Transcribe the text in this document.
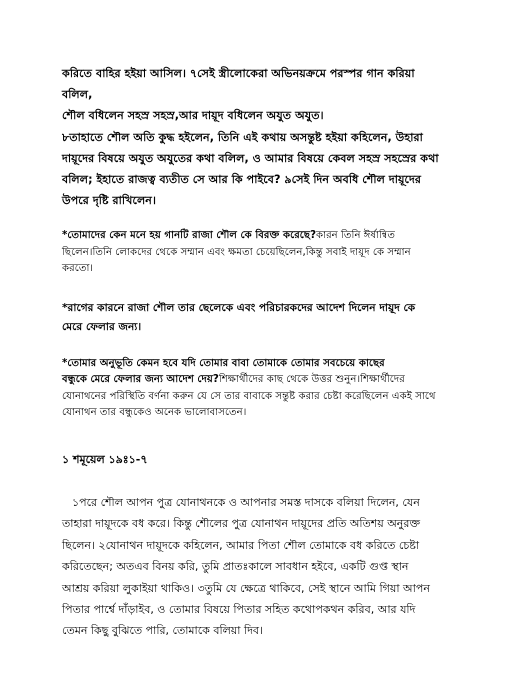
করিতে বাহির হইয়া আসিল। ৭সেই স্ত্রীলোকেরা অভিনয়ক্রমে পরস্পর গান করিয়া
বলিল,
শৌল বধিলেন সহস্র সহস্র,আর দায়ূদ বধিলেন অযুত অযুত।
৮তাহাতে শৌল অতি কুদ্ধ হইলেন, তিনি এই কথায় অসন্তুষ্ট হইয়া কহিলেন, উহারা
দায়ূদের বিষয়ে অযুত অযুতের কথা বলিল, ও আমার বিষয়ে কেবল সহস্র সহস্রের কথা
বলিল; ইহাতে রাজত্ব ব্যতীত সে আর কি পাইবে? ৯সেই দিন অবধি শৌল দায়ূদের
উপরে দৃষ্টি রাখিলেন।
*তোমাদের কেন মনে হয় গানটি রাজা শৌল কে বিরক্ত করেছে?কারন তিনি ঈর্ষান্বিত
ছিলেন।তিনি লোকদের থেকে সম্মান এবং ক্ষমতা চেয়েছিলেন,কিন্তু সবাই দায়ূদ কে সম্মান
করতো।
*রাগের কারনে রাজা শৌল তার ছেলেকে এবং পরিচারকদের আদেশ দিলেন দায়ূদ কে
মেরে ফেলার জন্য।
*তোমার অনুভূতি কেমন হবে যদি তোমার বাবা তোমাকে তোমার সবচেয়ে কাছের
বন্ধুকে মেরে ফেলার জন্য আদেশ দেয়?শিক্ষার্থীদের কাছ থেকে উত্তর শুনুন।শিক্ষার্থীদের
যোনাথনের পরিস্থিতি বর্ণনা করুন যে সে তার বাবাকে সন্তুষ্ট করার চেষ্টা করেছিলেন একই সাথে
যোনাথন তার বন্ধুকেও অনেক ভালোবাসতেন।

১ শমূয়েল ১৯ঃ১-৭

১পরে শৌল আপন পুত্র যোনাথনকে ও আপনার সমস্ত দাসকে বলিয়া দিলেন, যেন
তাহারা দায়ূদকে বধ করে। কিন্তু শৌলের পুত্র যোনাথন দায়ূদের প্রতি অতিশয় অনুরক্ত
ছিলেন। ২যোনাথন দায়ূদকে কহিলেন, আমার পিতা শৌল তোমাকে বধ করিতে চেষ্টা
করিতেছেন; অতএব বিনয় করি, তুমি প্রাতঃকালে সাবধান হইবে, একটি গুপ্ত স্থান
আশ্রয় করিয়া লুকাইয়া থাকিও। ৩তুমি যে ক্ষেত্রে থাকিবে, সেই স্থানে আমি গিয়া আপন
পিতার পার্শ্বে দাঁড়াইব, ও তোমার বিষয়ে পিতার সহিত কথোপকথন করিব, আর যদি
তেমন কিছু বুঝিতে পারি, তোমাকে বলিয়া দিব।
